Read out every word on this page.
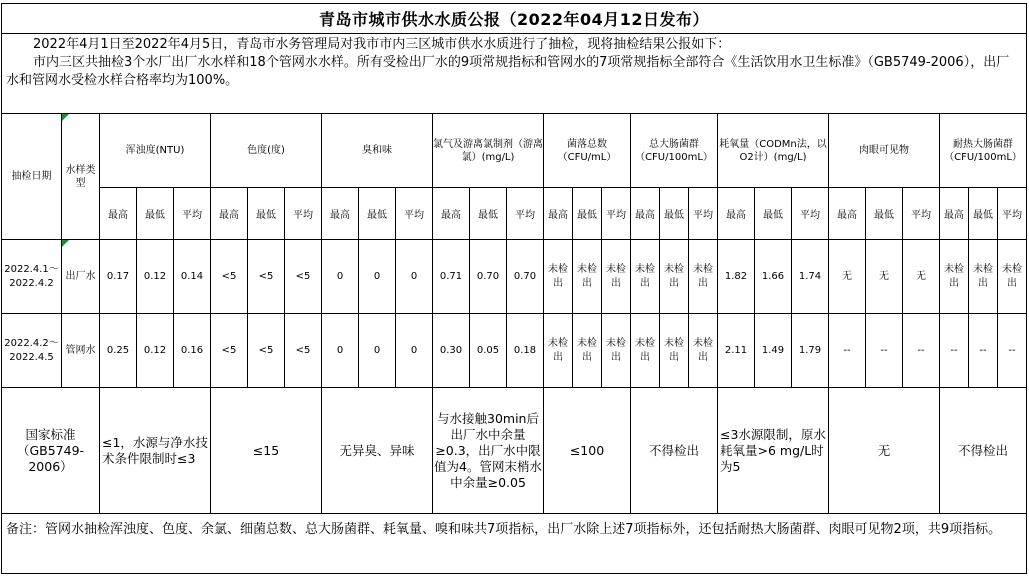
青岛市城市供水水质公报（2022年04月12日发布）																												

2022年4月1日至2022年4月5日，青岛市水务管理局对我市市内三区城市供水水质进行了抽检，现将抽检结果公报如下：

市内三区共抽检3个水厂出厂水水样和18个管网水水样。所有受检出厂水的9项常规指标和管网水的7项常规指标全部符合《生活饮用水卫生标准》（GB5749-2006），出厂水和管网水受检水样合格率均为100%。																												

抽检日期	水样类型	浑浊度(NTU)			色度(度)			臭和味			氯气及游离氯制剂（游离氯）(mg/L)			菌落总数（CFU/mL）			总大肠菌群（CFU/100mL）			耗氧量（CODMn法，以O2计）(mg/L)			肉眼可见物			耐热大肠菌群（CFU/100mL）		
		最高	最低	平均	最高	最低	平均	最高	最低	平均	最高	最低	平均	最高	最低	平均	最高	最低	平均	最高	最低	平均	最高	最低	平均	最高	最低	平均
2022.4.1～2022.4.2	出厂水	0.17	0.12	0.14	<5	<5	<5	0	0	0	0.71	0.70	0.70	未检出	未检出	未检出	未检出	未检出	未检出	1.82	1.66	1.74	无	无	无	未检出	未检出	未检出
2022.4.2～2022.4.5	管网水	0.25	0.12	0.16	<5	<5	<5	0	0	0	0.30	0.05	0.18	未检出	未检出	未检出	未检出	未检出	未检出	2.11	1.49	1.79	--	--	--	--	--	--
国家标准（GB5749-2006）		≤1，水源与净水技术条件限制时≤3			≤15			无异臭、异味			与水接触30min后出厂水中余量≥0.3，出厂水中限值为4。管网末梢水中余量≥0.05			≤100			不得检出			≤3水源限制，原水耗氧量>6 mg/L时为5			无			不得检出		
备注：管网水抽检浑浊度、色度、余氯、细菌总数、总大肠菌群、耗氧量、嗅和味共7项指标，出厂水除上述7项指标外，还包括耐热大肠菌群、肉眼可见物2项，共9项指标。																												
